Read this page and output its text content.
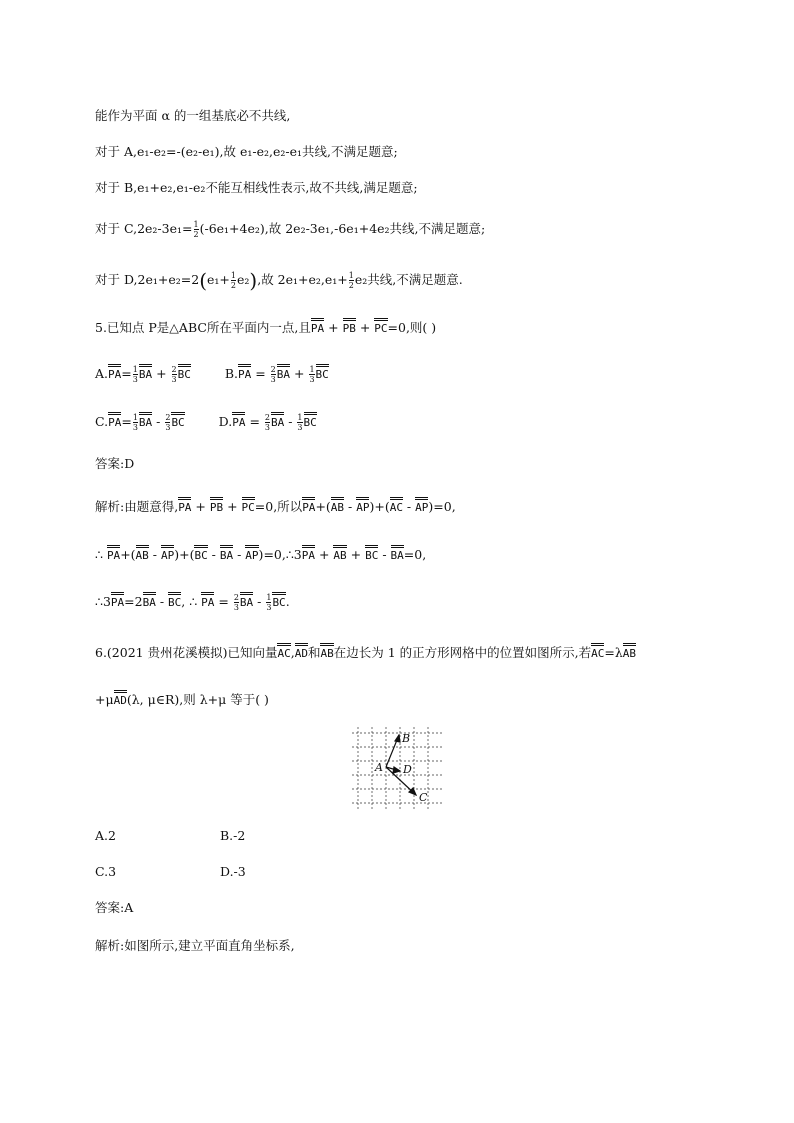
能作为平面 α 的一组基底必不共线,
对于 A,e₁-e₂=-(e₂-e₁),故 e₁-e₂,e₂-e₁共线,不满足题意;
对于 B,e₁+e₂,e₁-e₂不能互相线性表示,故不共线,满足题意;
对于 $C,2e_2-3e_1= \frac{1}{2} (-6e_1+4e_2)$,故 2e₂-3e₁,-6e₁+4e₂共线,不满足题意;
对于 $D,2e_1+e_2=2(e_1+ \frac{1}{2} e_2)$,故 $2e_1+e_2,e_1+ \frac{1}{2} e_2$共线,不满足题意.
5.已知点 P是△ABC所在平面内一点,且PA + PB + PC=0,则( )
$A.PA= \frac{1}{3}$ BA + $\frac{2}{3}$ BC	$B.PA = \frac{2}{3}$ BA + $\frac{1}{3}$ BC
$C.PA= \frac{1}{3}$ BA - $\frac{2}{3}$ BC	$D.PA = \frac{2}{3}$ BA - $\frac{1}{3}$ BC
答案:D
解析:由题意得,PA + PB + PC=0,所以PA+(AB - AP)+(AC - AP)=0,
∴ PA+(AB - AP)+(BC - BA - AP)=0,∴3PA + AB + BC - BA=0,
∴3PA=2BA - BC, ∴ PA = $\frac{2}{3}$ BA - $\frac{1}{3}$ BC.
6.(2021 贵州花溪模拟)已知向量AC,AD和AB在边长为 1 的正方形网格中的位置如图所示,若AC=λAB
+μAD(λ, μ∈R),则 λ+μ 等于( )
A
B
D
C
A.2	B.-2
C.3	D.-3
答案:A
解析:如图所示,建立平面直角坐标系,
